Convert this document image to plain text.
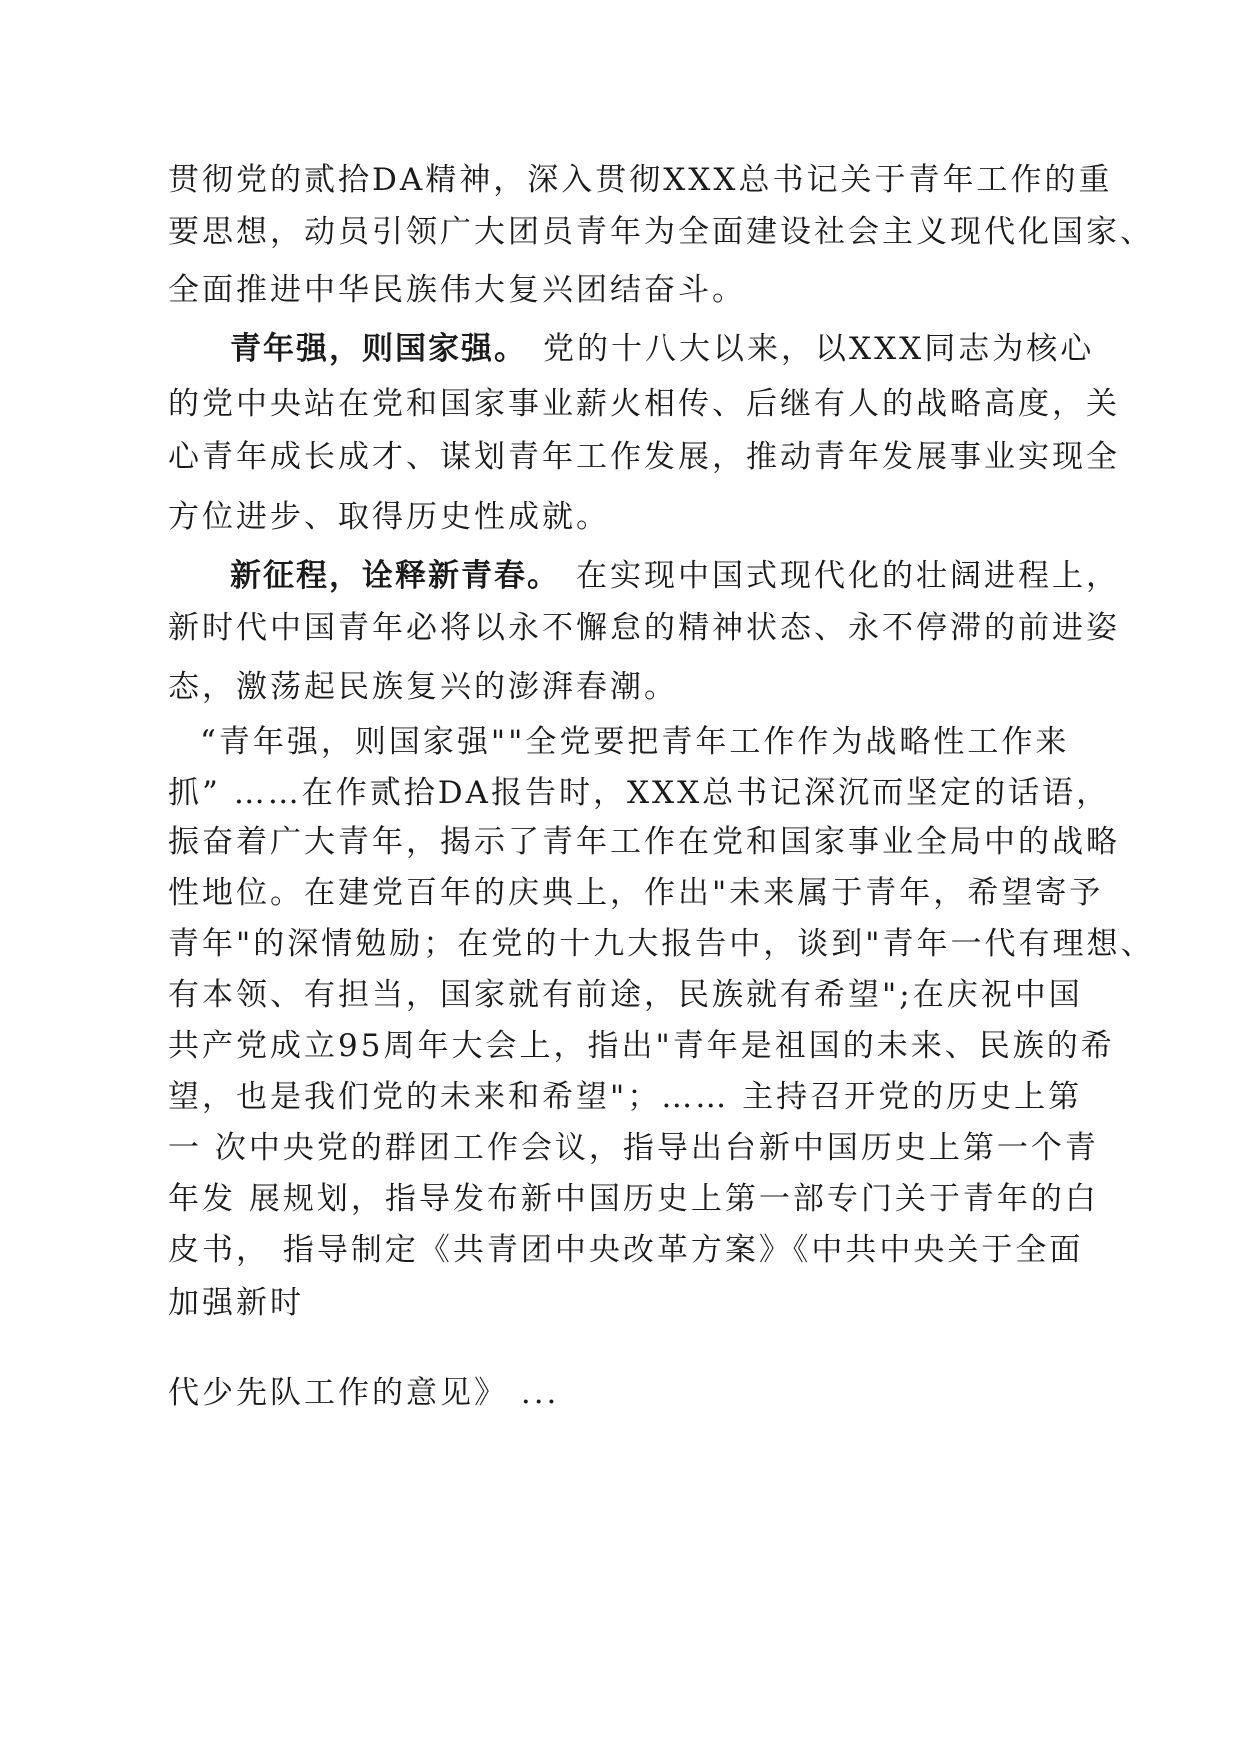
贯彻党的贰拾DA精神，深入贯彻XXX总书记关于青年工作的重
要思想，动员引领广大团员青年为全面建设社会主义现代化国家、
全面推进中华民族伟大复兴团结奋斗。
青年强，则国家强。 党的十八大以来，以XXX同志为核心
的党中央站在党和国家事业薪火相传、后继有人的战略高度，关
心青年成长成才、谋划青年工作发展，推动青年发展事业实现全
方位进步、取得历史性成就。
新征程，诠释新青春。 在实现中国式现代化的壮阔进程上，
新时代中国青年必将以永不懈怠的精神状态、永不停滞的前进姿
态，激荡起民族复兴的澎湃春潮。
“青年强，则国家强""全党要把青年工作作为战略性工作来
抓” ……在作贰拾DA报告时，XXX总书记深沉而坚定的话语，
振奋着广大青年，揭示了青年工作在党和国家事业全局中的战略
性地位。在建党百年的庆典上，作出"未来属于青年，希望寄予
青年"的深情勉励；在党的十九大报告中，谈到"青年一代有理想、
有本领、有担当，国家就有前途，民族就有希望";在庆祝中国
共产党成立95周年大会上，指出"青年是祖国的未来、民族的希
望，也是我们党的未来和希望"；…… 主持召开党的历史上第
一 次中央党的群团工作会议，指导出台新中国历史上第一个青
年发 展规划，指导发布新中国历史上第一部专门关于青年的白
皮书， 指导制定《共青团中央改革方案》《中共中央关于全面
加强新时
代少先队工作的意见》 ...
